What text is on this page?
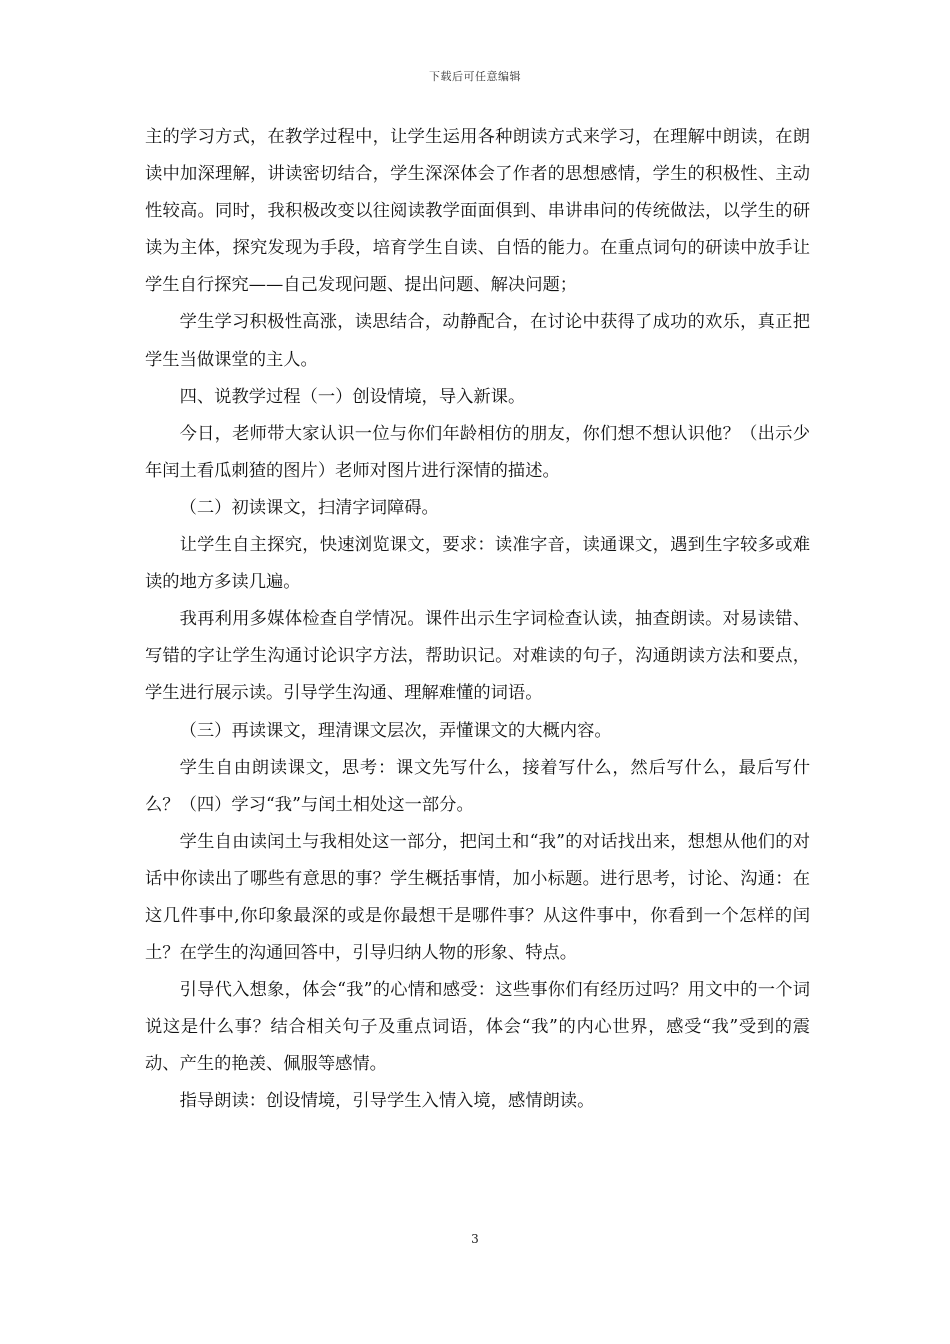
下载后可任意编辑

主的学习方式，在教学过程中，让学生运用各种朗读方式来学习，在理解中朗读，在朗读中加深理解，讲读密切结合，学生深深体会了作者的思想感情，学生的积极性、主动性较高。同时，我积极改变以往阅读教学面面俱到、串讲串问的传统做法，以学生的研读为主体，探究发现为手段，培育学生自读、自悟的能力。在重点词句的研读中放手让学生自行探究——自己发现问题、提出问题、解决问题；

学生学习积极性高涨，读思结合，动静配合，在讨论中获得了成功的欢乐，真正把学生当做课堂的主人。

四、说教学过程（一）创设情境，导入新课。

今日，老师带大家认识一位与你们年龄相仿的朋友，你们想不想认识他？（出示少年闰土看瓜刺猹的图片）老师对图片进行深情的描述。

（二）初读课文，扫清字词障碍。

让学生自主探究，快速浏览课文，要求：读准字音，读通课文，遇到生字较多或难读的地方多读几遍。

我再利用多媒体检查自学情况。课件出示生字词检查认读，抽查朗读。对易读错、写错的字让学生沟通讨论识字方法，帮助识记。对难读的句子，沟通朗读方法和要点，学生进行展示读。引导学生沟通、理解难懂的词语。

（三）再读课文，理清课文层次，弄懂课文的大概内容。

学生自由朗读课文，思考：课文先写什么，接着写什么，然后写什么，最后写什么？（四）学习“我”与闰土相处这一部分。

学生自由读闰土与我相处这一部分，把闰土和“我”的对话找出来，想想从他们的对话中你读出了哪些有意思的事？学生概括事情，加小标题。进行思考，讨论、沟通：在这几件事中,你印象最深的或是你最想干是哪件事？从这件事中，你看到一个怎样的闰土？在学生的沟通回答中，引导归纳人物的形象、特点。

引导代入想象，体会“我”的心情和感受：这些事你们有经历过吗？用文中的一个词说这是什么事？结合相关句子及重点词语，体会“我”的内心世界，感受“我”受到的震动、产生的艳羡、佩服等感情。

指导朗读：创设情境，引导学生入情入境，感情朗读。

3
